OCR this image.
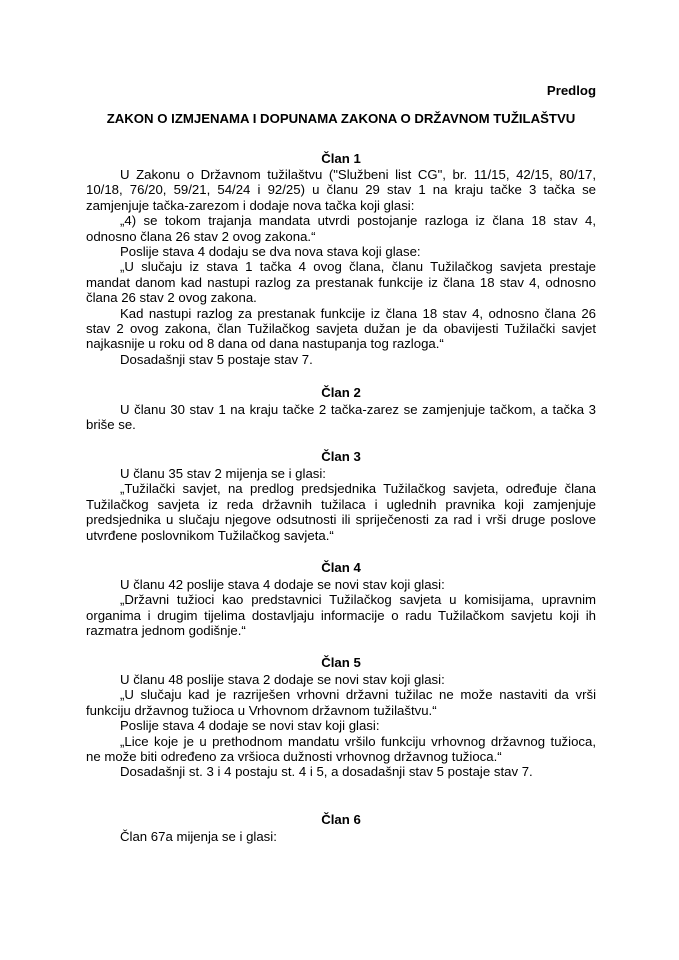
Predlog
ZAKON O IZMJENAMA I DOPUNAMA ZAKONA O DRŽAVNOM TUŽILAŠTVU
Član 1

U Zakonu o Državnom tužilaštvu ("Službeni list CG", br. 11/15, 42/15, 80/17, 10/18, 76/20, 59/21, 54/24 i 92/25) u članu 29 stav 1 na kraju tačke 3 tačka se zamjenjuje tačka-zarezom i dodaje nova tačka koji glasi:

„4) se tokom trajanja mandata utvrdi postojanje razloga iz člana 18 stav 4, odnosno člana 26 stav 2 ovog zakona.“

Poslije stava 4 dodaju se dva nova stava koji glase:

„U slučaju iz stava 1 tačka 4 ovog člana, članu Tužilačkog savjeta prestaje mandat danom kad nastupi razlog za prestanak funkcije iz člana 18 stav 4, odnosno člana 26 stav 2 ovog zakona.

Kad nastupi razlog za prestanak funkcije iz člana 18 stav 4, odnosno člana 26 stav 2 ovog zakona, član Tužilačkog savjeta dužan je da obavijesti Tužilački savjet najkasnije u roku od 8 dana od dana nastupanja tog razloga.“

Dosadašnji stav 5 postaje stav 7.

Član 2

U članu 30 stav 1 na kraju tačke 2 tačka-zarez se zamjenjuje tačkom, a tačka 3 briše se.

Član 3

U članu 35 stav 2 mijenja se i glasi:

„Tužilački savjet, na predlog predsjednika Tužilačkog savjeta, određuje člana Tužilačkog savjeta iz reda državnih tužilaca i uglednih pravnika koji zamjenjuje predsjednika u slučaju njegove odsutnosti ili spriječenosti za rad i vrši druge poslove utvrđene poslovnikom Tužilačkog savjeta.“

Član 4

U članu 42 poslije stava 4 dodaje se novi stav koji glasi:

„Državni tužioci kao predstavnici Tužilačkog savjeta u komisijama, upravnim organima i drugim tijelima dostavljaju informacije o radu Tužilačkom savjetu koji ih razmatra jednom godišnje.“

Član 5

U članu 48 poslije stava 2 dodaje se novi stav koji glasi:

„U slučaju kad je razriješen vrhovni državni tužilac ne može nastaviti da vrši funkciju državnog tužioca u Vrhovnom državnom tužilaštvu.“

Poslije stava 4 dodaje se novi stav koji glasi:

„Lice koje je u prethodnom mandatu vršilo funkciju vrhovnog državnog tužioca, ne može biti određeno za vršioca dužnosti vrhovnog državnog tužioca.“

Dosadašnji st. 3 i 4 postaju st. 4 i 5, a dosadašnji stav 5 postaje stav 7.

Član 6

Član 67a mijenja se i glasi:
